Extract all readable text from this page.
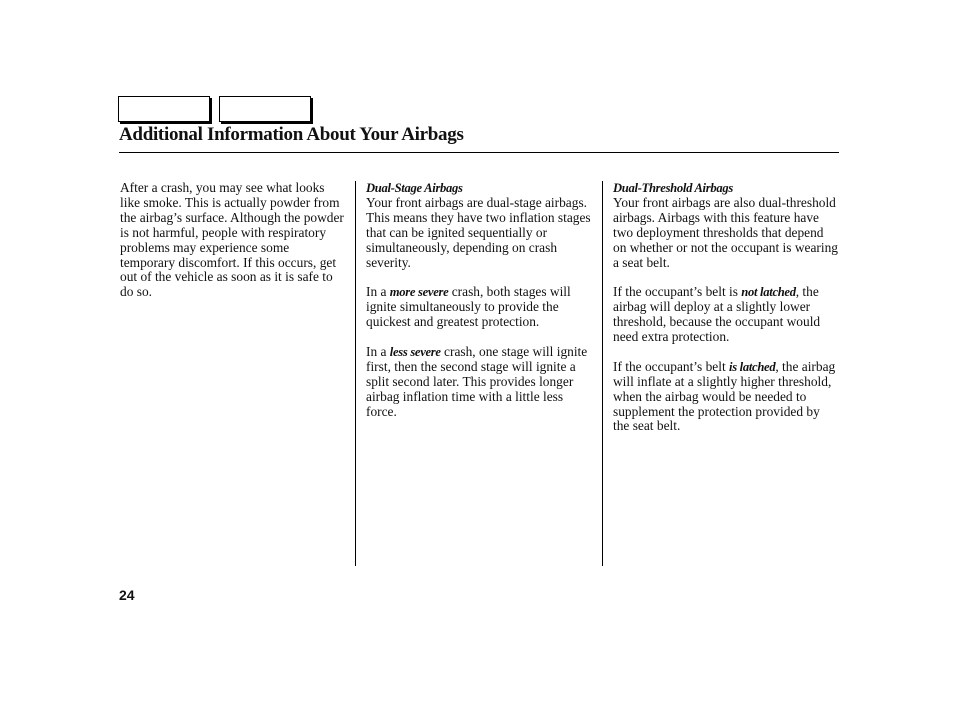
Additional Information About Your Airbags

After a crash, you may see what looks like smoke. This is actually powder from the airbag’s surface. Although the powder is not harmful, people with respiratory problems may experience some temporary discomfort. If this occurs, get out of the vehicle as soon as it is safe to do so.

Dual-Stage Airbags

Your front airbags are dual-stage airbags. This means they have two inflation stages that can be ignited sequentially or simultaneously, depending on crash severity.

In a more severe crash, both stages will ignite simultaneously to provide the quickest and greatest protection.

In a less severe crash, one stage will ignite first, then the second stage will ignite a split second later. This provides longer airbag inflation time with a little less force.

Dual-Threshold Airbags

Your front airbags are also dual-threshold airbags. Airbags with this feature have two deployment thresholds that depend on whether or not the occupant is wearing a seat belt.

If the occupant’s belt is not latched, the airbag will deploy at a slightly lower threshold, because the occupant would need extra protection.

If the occupant’s belt is latched, the airbag will inflate at a slightly higher threshold, when the airbag would be needed to supplement the protection provided by the seat belt.

24
